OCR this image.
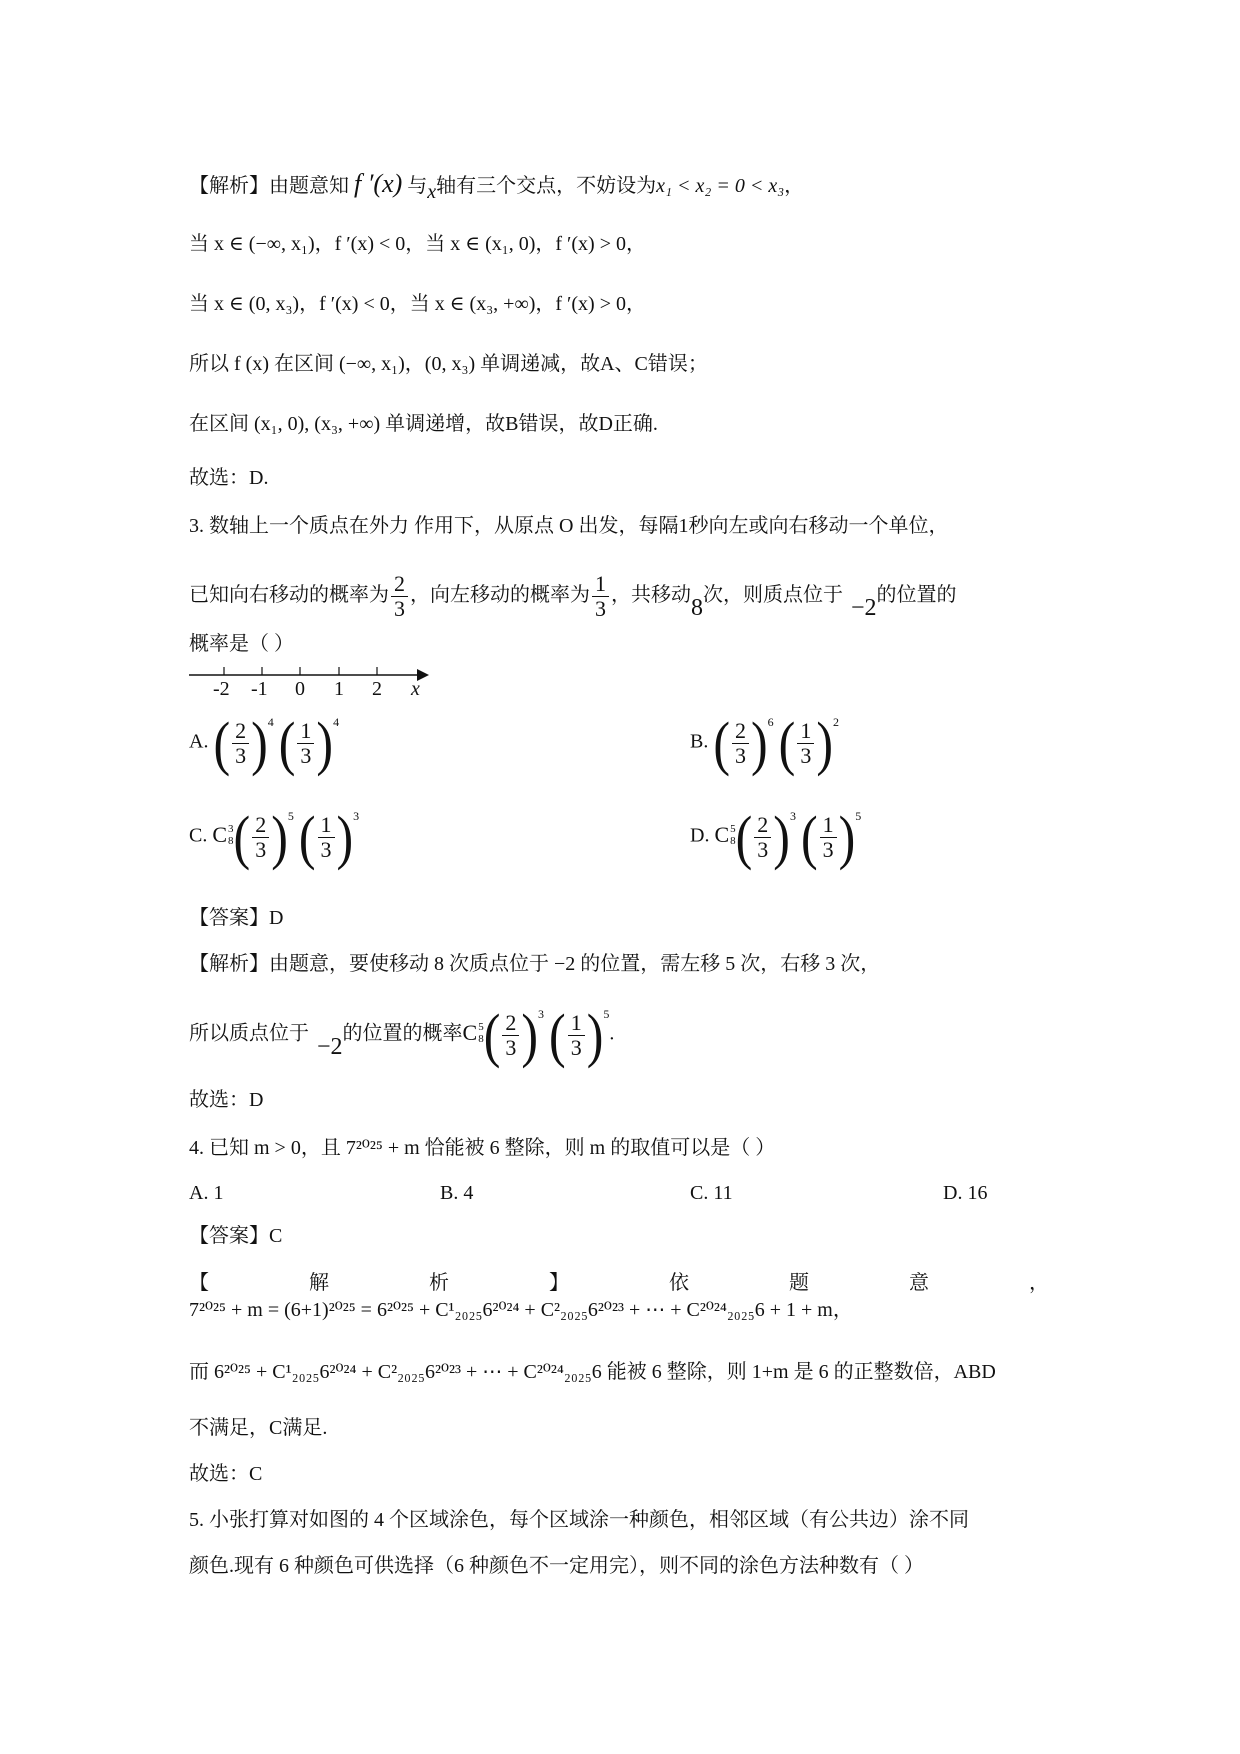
【解析】由题意知 f ′(x) 与x轴有三个交点，不妨设为x₁ < x₂ = 0 < x₃，
当 x ∈ (−∞, x₁)，f ′(x) < 0，当 x ∈ (x₁, 0)，f ′(x) > 0，
当 x ∈ (0, x₃)，f ′(x) < 0，当 x ∈ (x₃, +∞)，f ′(x) > 0，
所以 f (x) 在区间 (−∞, x₁)，(0, x₃) 单调递减，故A、C错误；
在区间 (x₁, 0), (x₃, +∞) 单调递增，故B错误，故D正确.
故选：D.
3. 数轴上一个质点在外力 作用下，从原点 O 出发，每隔1秒向左或向右移动一个单位，
已知向右移动的概率为 $\frac{2}{3}$ ，向左移动的概率为 $\frac{1}{3}$ ，共移动8次，则质点位于 −2的位置的
概率是（ ）
-2 -1 0 1 2 x
A. ( $\frac{2}{3} )^4$ ( $\frac{1}{3} )^4$
B. ( $\frac{2}{3} )^6$ ( $\frac{1}{3} )^2$
C. C 3
8 ( $\frac{2}{3} )^5$ ( $\frac{1}{3} )^3$
D. C 5
8 ( $\frac{2}{3} )^3$ ( $\frac{1}{3} )^5$
【答案】D
【解析】由题意，要使移动 8 次质点位于 −2 的位置，需左移 5 次，右移 3 次，
所以质点位于 −2的位置的概率 C 5
8 ( $\frac{2}{3} )^3$ ( $\frac{1}{3} )^5$.
故选：D
4. 已知 m > 0，且 7²⁰²⁵ + m 恰能被 6 整除，则 m 的取值可以是（ ）
A. 1	B. 4	C. 11	D. 16
【答案】C
【	解	析	】	依	题	意	，
7²⁰²⁵ + m = (6+1)²⁰²⁵ = 6²⁰²⁵ + C¹₂₀₂₅6²⁰²⁴ + C²₂₀₂₅6²⁰²³ + ⋯ + C²⁰²⁴₂₀₂₅6 + 1 + m，
而 6²⁰²⁵ + C¹₂₀₂₅6²⁰²⁴ + C²₂₀₂₅6²⁰²³ + ⋯ + C²⁰²⁴₂₀₂₅6 能被 6 整除，则 1+m 是 6 的正整数倍，ABD
不满足，C满足.
故选：C
5. 小张打算对如图的 4 个区域涂色，每个区域涂一种颜色，相邻区域（有公共边）涂不同
颜色.现有 6 种颜色可供选择（6 种颜色不一定用完），则不同的涂色方法种数有（ ）
